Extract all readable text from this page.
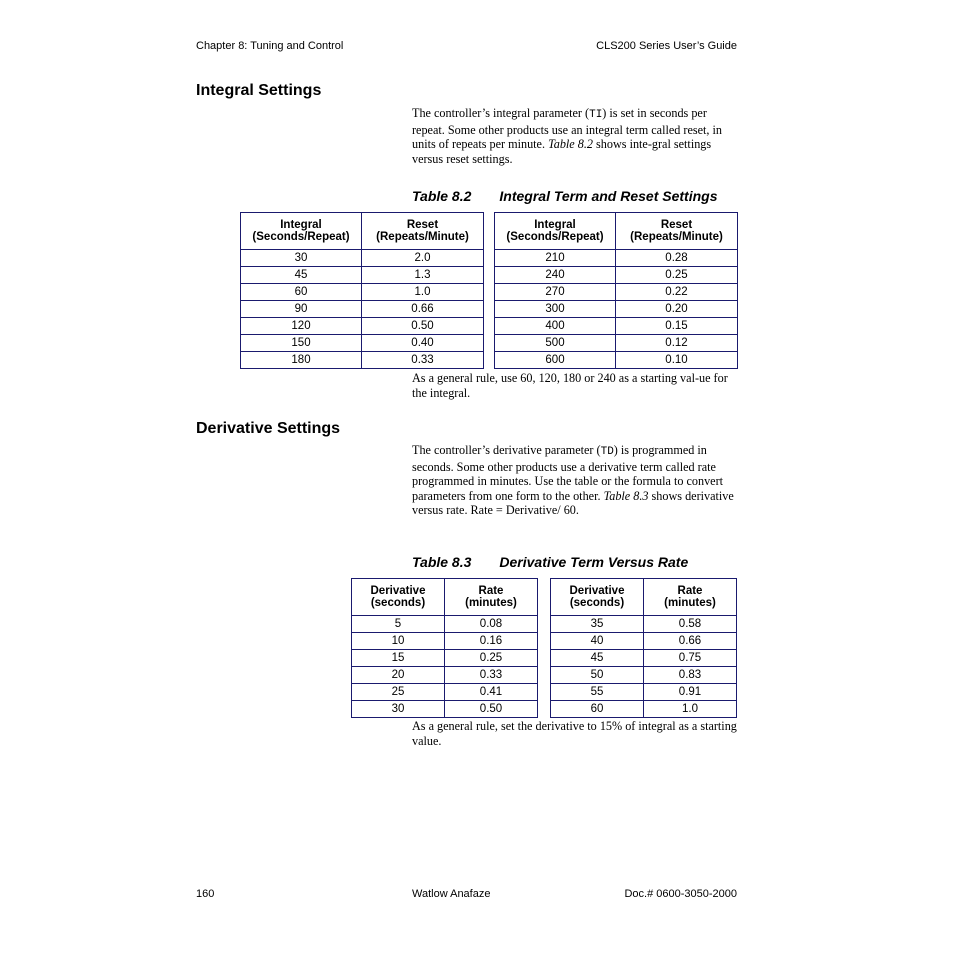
Chapter 8: Tuning and Control	CLS200 Series User’s Guide
Integral Settings

The controller’s integral parameter (TI) is set in seconds per repeat. Some other products use an integral term called reset, in units of repeats per minute. Table 8.2 shows inte-gral settings versus reset settings.

Table 8.2 Integral Term and Reset Settings
Integral
(Seconds/Repeat)	Reset
(Repeats/Minute)		Integral
(Seconds/Repeat)	Reset
(Repeats/Minute)
30	2.0		210	0.28
45	1.3		240	0.25
60	1.0		270	0.22
90	0.66		300	0.20
120	0.50		400	0.15
150	0.40		500	0.12
180	0.33		600	0.10

As a general rule, use 60, 120, 180 or 240 as a starting val-ue for the integral.

Derivative Settings

The controller’s derivative parameter (TD) is programmed in seconds. Some other products use a derivative term called rate programmed in minutes. Use the table or the formula to convert parameters from one form to the other. Table 8.3 shows derivative versus rate. Rate = Derivative/ 60.

Table 8.3 Derivative Term Versus Rate
Derivative
(seconds)	Rate
(minutes)		Derivative
(seconds)	Rate
(minutes)
5	0.08		35	0.58
10	0.16		40	0.66
15	0.25		45	0.75
20	0.33		50	0.83
25	0.41		55	0.91
30	0.50		60	1.0

As a general rule, set the derivative to 15% of integral as a starting value.

160	Watlow Anafaze	Doc.# 0600-3050-2000
